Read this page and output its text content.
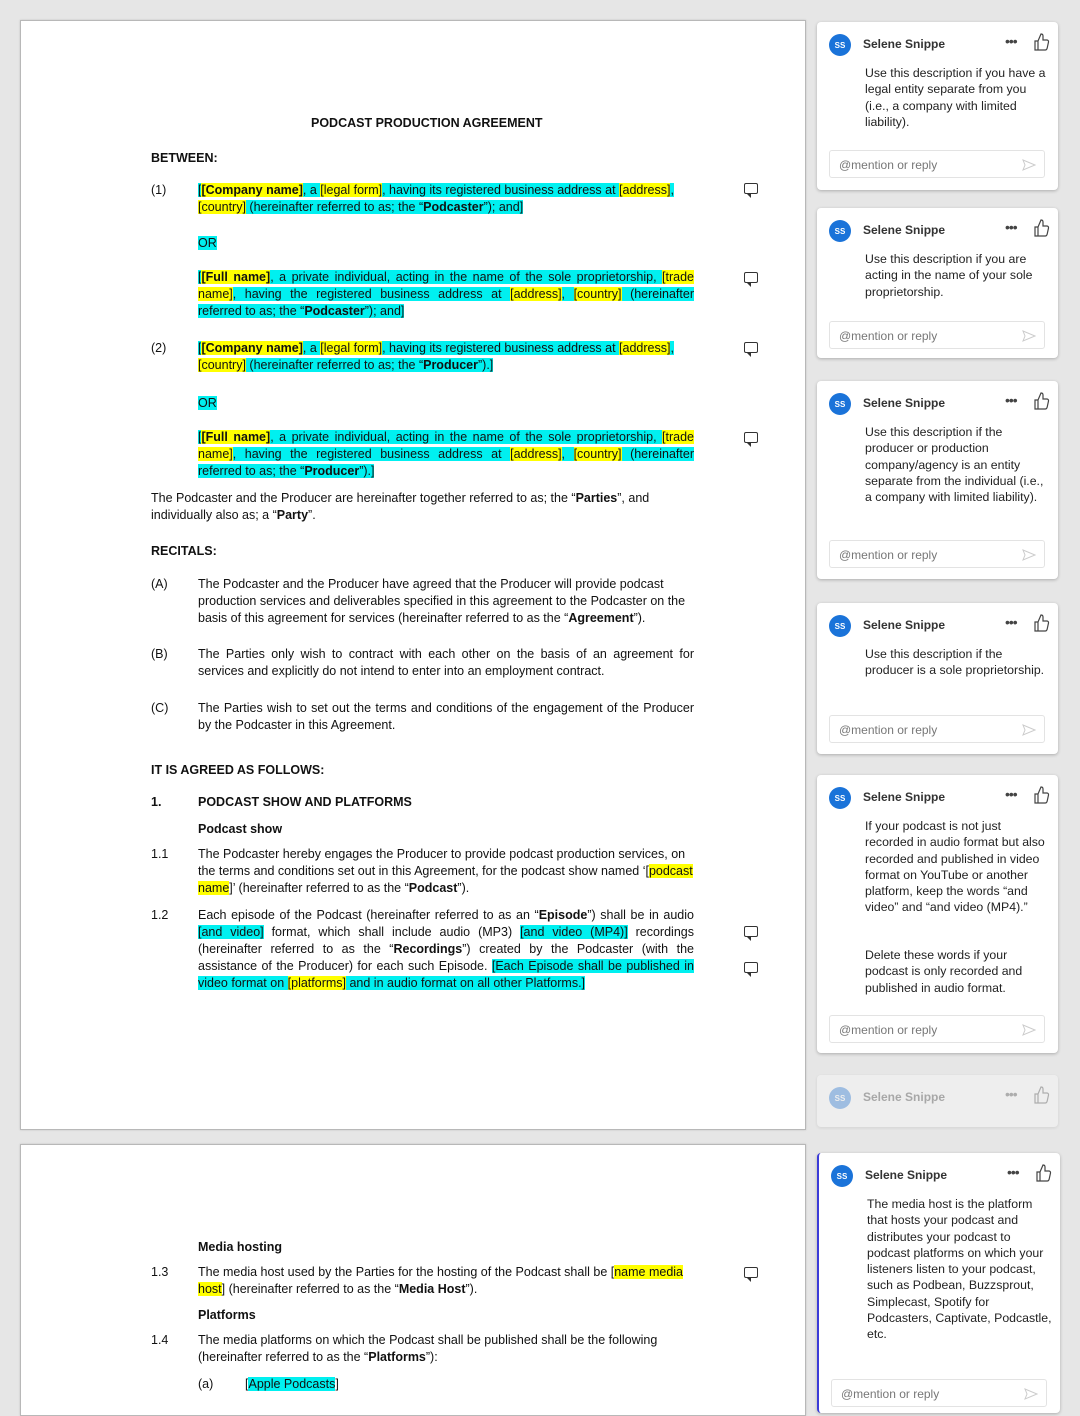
PODCAST PRODUCTION AGREEMENT
BETWEEN:
(1)	[[Company name], a [legal form], having its registered business address at [address],[country] (hereinafter referred to as; the “Podcaster”); and]
OR
[[Full name], a private individual, acting in the name of the sole proprietorship, [trade name], having the registered business address at [address], [country] (hereinafter referred to as; the “Podcaster”); and]
(2)	[[Company name], a [legal form], having its registered business address at [address],[country] (hereinafter referred to as; the “Producer”).]
OR
[[Full name], a private individual, acting in the name of the sole proprietorship, [trade name], having the registered business address at [address], [country] (hereinafter referred to as; the “Producer”).]
The Podcaster and the Producer are hereinafter together referred to as; the “Parties”, and individually also as; a “Party”.
RECITALS:
(A) The Podcaster and the Producer have agreed that the Producer will provide podcast production services and deliverables specified in this agreement to the Podcaster on the basis of this agreement for services (hereinafter referred to as the “Agreement”).
(B) The Parties only wish to contract with each other on the basis of an agreement for services and explicitly do not intend to enter into an employment contract.
(C) The Parties wish to set out the terms and conditions of the engagement of the Producer by the Podcaster in this Agreement.
IT IS AGREED AS FOLLOWS:
1.	PODCAST SHOW AND PLATFORMS
Podcast show
1.1 The Podcaster hereby engages the Producer to provide podcast production services, on the terms and conditions set out in this Agreement, for the podcast show named ‘[podcast name]’ (hereinafter referred to as the “Podcast”).
1.2 Each episode of the Podcast (hereinafter referred to as an “Episode”) shall be in audio [and video] format, which shall include audio (MP3) [and video (MP4)] recordings (hereinafter referred to as the “Recordings”) created by the Podcaster (with the assistance of the Producer) for each such Episode. [Each Episode shall be published in video format on [platforms] and in audio format on all other Platforms.]
Media hosting
1.3 The media host used by the Parties for the hosting of the Podcast shall be [name media host] (hereinafter referred to as the “Media Host”).
Platforms
1.4 The media platforms on which the Podcast shall be published shall be the following (hereinafter referred to as the “Platforms”):
(a)	[Apple Podcasts]
SS	Selene Snippe	•••
Use this description if you have a legal entity separate from you (i.e., a company with limited liability).
@mention or reply
SS	Selene Snippe	•••
Use this description if you are acting in the name of your sole proprietorship.
@mention or reply
SS	Selene Snippe	•••
Use this description if the producer or production company/agency is an entity separate from the individual (i.e., a company with limited liability).
@mention or reply
SS	Selene Snippe	•••
Use this description if the producer is a sole proprietorship.
@mention or reply
SS	Selene Snippe	•••
If your podcast is not just recorded in audio format but also recorded and published in video format on YouTube or another platform, keep the words “and video” and “and video (MP4).”
Delete these words if your podcast is only recorded and published in audio format.
@mention or reply
SS	Selene Snippe	•••
SS	Selene Snippe	•••
The media host is the platform that hosts your podcast and distributes your podcast to podcast platforms on which your listeners listen to your podcast, such as Podbean, Buzzsprout, Simplecast, Spotify for Podcasters, Captivate, Podcastle, etc.
@mention or reply
